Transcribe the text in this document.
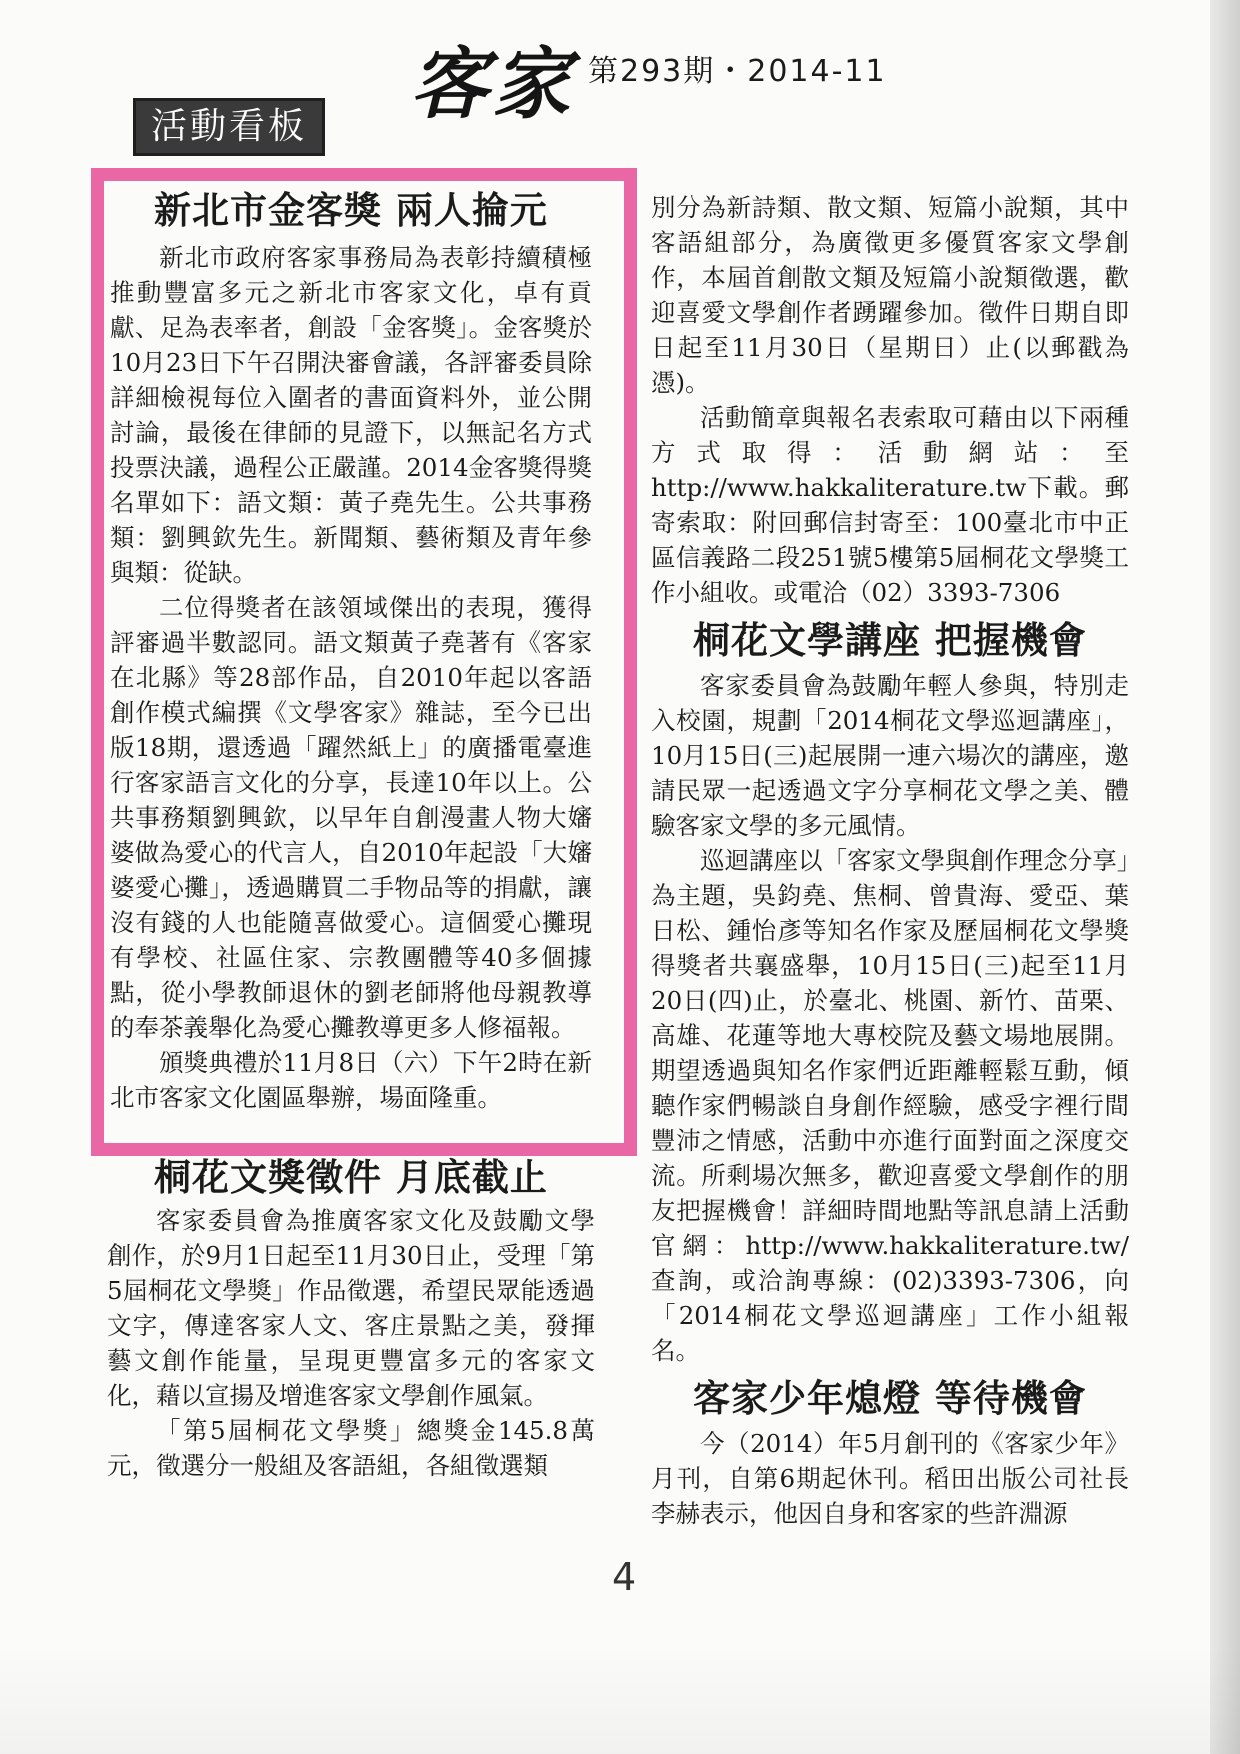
客家 第293期・2014-11
活動看板
新北市金客獎 兩人掄元

新北市政府客家事務局為表彰持續積極推動豐富多元之新北市客家文化，卓有貢獻、足為表率者，創設「金客獎」。金客獎於10月23日下午召開決審會議，各評審委員除詳細檢視每位入圍者的書面資料外，並公開討論，最後在律師的見證下，以無記名方式投票決議，過程公正嚴謹。2014金客獎得獎名單如下：語文類：黃子堯先生。公共事務類：劉興欽先生。新聞類、藝術類及青年參與類：從缺。

二位得獎者在該領域傑出的表現，獲得評審過半數認同。語文類黃子堯著有《客家在北縣》等28部作品，自2010年起以客語創作模式編撰《文學客家》雜誌，至今已出版18期，還透過「躍然紙上」的廣播電臺進行客家語言文化的分享，長達10年以上。公共事務類劉興欽，以早年自創漫畫人物大嬸婆做為愛心的代言人，自2010年起設「大嬸婆愛心攤」，透過購買二手物品等的捐獻，讓沒有錢的人也能隨喜做愛心。這個愛心攤現有學校、社區住家、宗教團體等40多個據點，從小學教師退休的劉老師將他母親教導的奉茶義舉化為愛心攤教導更多人修福報。

頒獎典禮於11月8日（六）下午2時在新北市客家文化園區舉辦，場面隆重。

桐花文獎徵件 月底截止

客家委員會為推廣客家文化及鼓勵文學創作，於9月1日起至11月30日止，受理「第5屆桐花文學獎」作品徵選，希望民眾能透過文字，傳達客家人文、客庄景點之美，發揮藝文創作能量，呈現更豐富多元的客家文化，藉以宣揚及增進客家文學創作風氣。

「第5屆桐花文學獎」總獎金145.8萬元，徵選分一般組及客語組，各組徵選類

別分為新詩類、散文類、短篇小說類，其中客語組部分，為廣徵更多優質客家文學創作，本屆首創散文類及短篇小說類徵選，歡迎喜愛文學創作者踴躍參加。徵件日期自即日起至11月30日（星期日）止(以郵戳為憑)。

活動簡章與報名表索取可藉由以下兩種方式取得：活動網站：至http://www.hakkaliterature.tw下載。郵寄索取：附回郵信封寄至：100臺北市中正區信義路二段251號5樓第5屆桐花文學獎工作小組收。或電洽（02）3393-7306

桐花文學講座 把握機會

客家委員會為鼓勵年輕人參與，特別走入校園，規劃「2014桐花文學巡迴講座」，10月15日(三)起展開一連六場次的講座，邀請民眾一起透過文字分享桐花文學之美、體驗客家文學的多元風情。

巡迴講座以「客家文學與創作理念分享」為主題，吳鈞堯、焦桐、曾貴海、愛亞、葉日松、鍾怡彥等知名作家及歷屆桐花文學獎得獎者共襄盛舉，10月15日(三)起至11月20日(四)止，於臺北、桃園、新竹、苗栗、高雄、花蓮等地大專校院及藝文場地展開。期望透過與知名作家們近距離輕鬆互動，傾聽作家們暢談自身創作經驗，感受字裡行間豐沛之情感，活動中亦進行面對面之深度交流。所剩場次無多，歡迎喜愛文學創作的朋友把握機會！詳細時間地點等訊息請上活動官網：http://www.hakkaliterature.tw/查詢，或洽詢專線：(02)3393-7306，向「2014桐花文學巡迴講座」工作小組報名。

客家少年熄燈 等待機會

今（2014）年5月創刊的《客家少年》月刊，自第6期起休刊。稻田出版公司社長李赫表示，他因自身和客家的些許淵源

4
